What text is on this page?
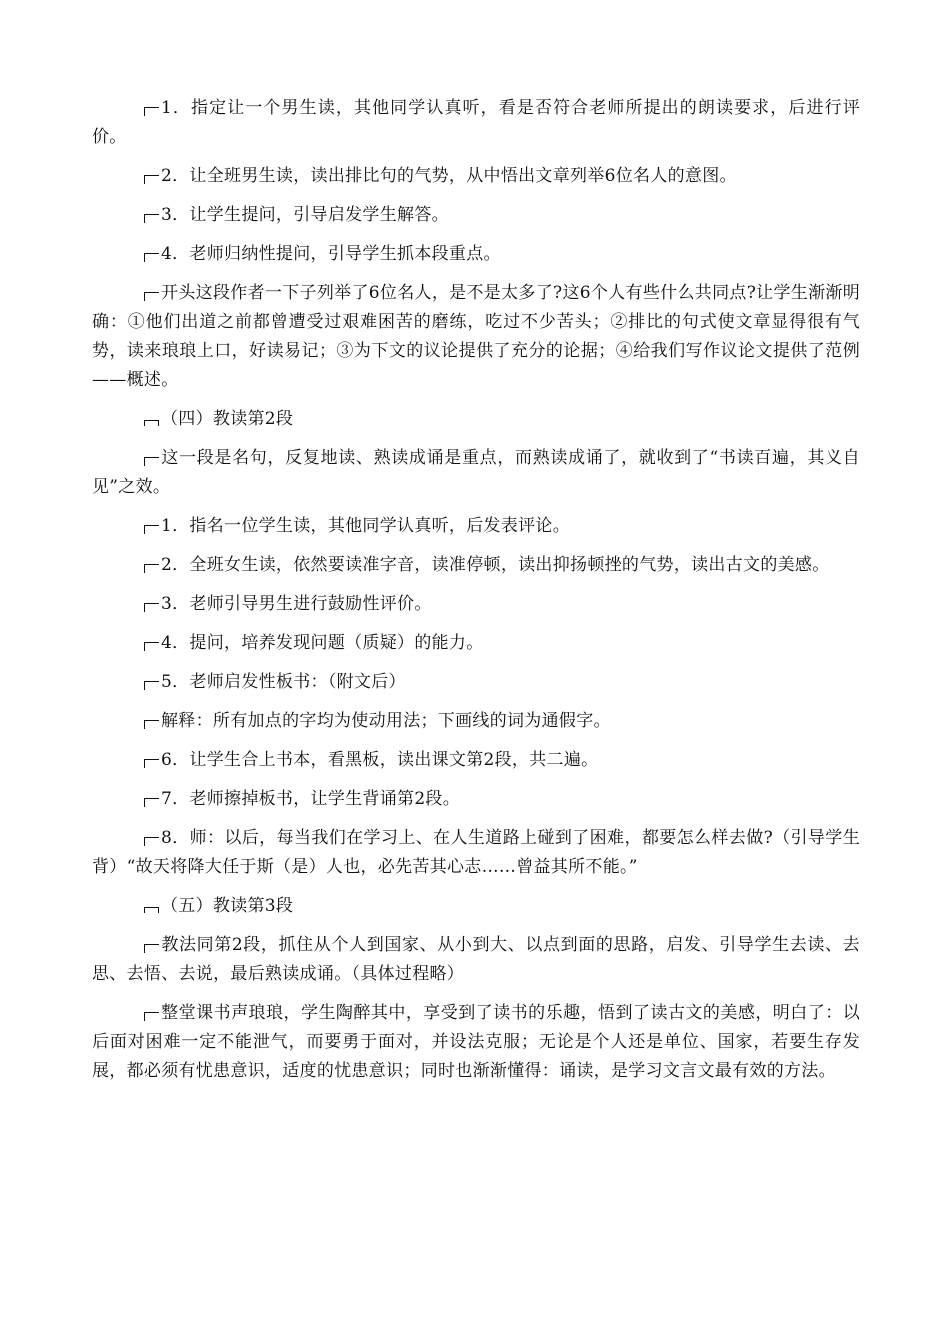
1．指定让一个男生读，其他同学认真听，看是否符合老师所提出的朗读要求，后进行评价。

2．让全班男生读，读出排比句的气势，从中悟出文章列举6位名人的意图。

3．让学生提问，引导启发学生解答。

4．老师归纳性提问，引导学生抓本段重点。

开头这段作者一下子列举了6位名人，是不是太多了?这6个人有些什么共同点?让学生渐渐明确：①他们出道之前都曾遭受过艰难困苦的磨练，吃过不少苦头；②排比的句式使文章显得很有气势，读来琅琅上口，好读易记；③为下文的议论提供了充分的论据；④给我们写作议论文提供了范例——概述。

（四）教读第2段

这一段是名句，反复地读、熟读成诵是重点，而熟读成诵了，就收到了“书读百遍，其义自见”之效。

1．指名一位学生读，其他同学认真听，后发表评论。

2．全班女生读，依然要读准字音，读准停顿，读出抑扬顿挫的气势，读出古文的美感。

3．老师引导男生进行鼓励性评价。

4．提问，培养发现问题（质疑）的能力。

5．老师启发性板书：（附文后）

解释：所有加点的字均为使动用法；下画线的词为通假字。

6．让学生合上书本，看黑板，读出课文第2段，共二遍。

7．老师擦掉板书，让学生背诵第2段。

8．师：以后，每当我们在学习上、在人生道路上碰到了困难，都要怎么样去做?（引导学生背）“故天将降大任于斯（是）人也，必先苦其心志……曾益其所不能。”

（五）教读第3段

教法同第2段，抓住从个人到国家、从小到大、以点到面的思路，启发、引导学生去读、去思、去悟、去说，最后熟读成诵。（具体过程略）

整堂课书声琅琅，学生陶醉其中，享受到了读书的乐趣，悟到了读古文的美感，明白了：以后面对困难一定不能泄气，而要勇于面对，并设法克服；无论是个人还是单位、国家，若要生存发展，都必须有忧患意识，适度的忧患意识；同时也渐渐懂得：诵读，是学习文言文最有效的方法。
